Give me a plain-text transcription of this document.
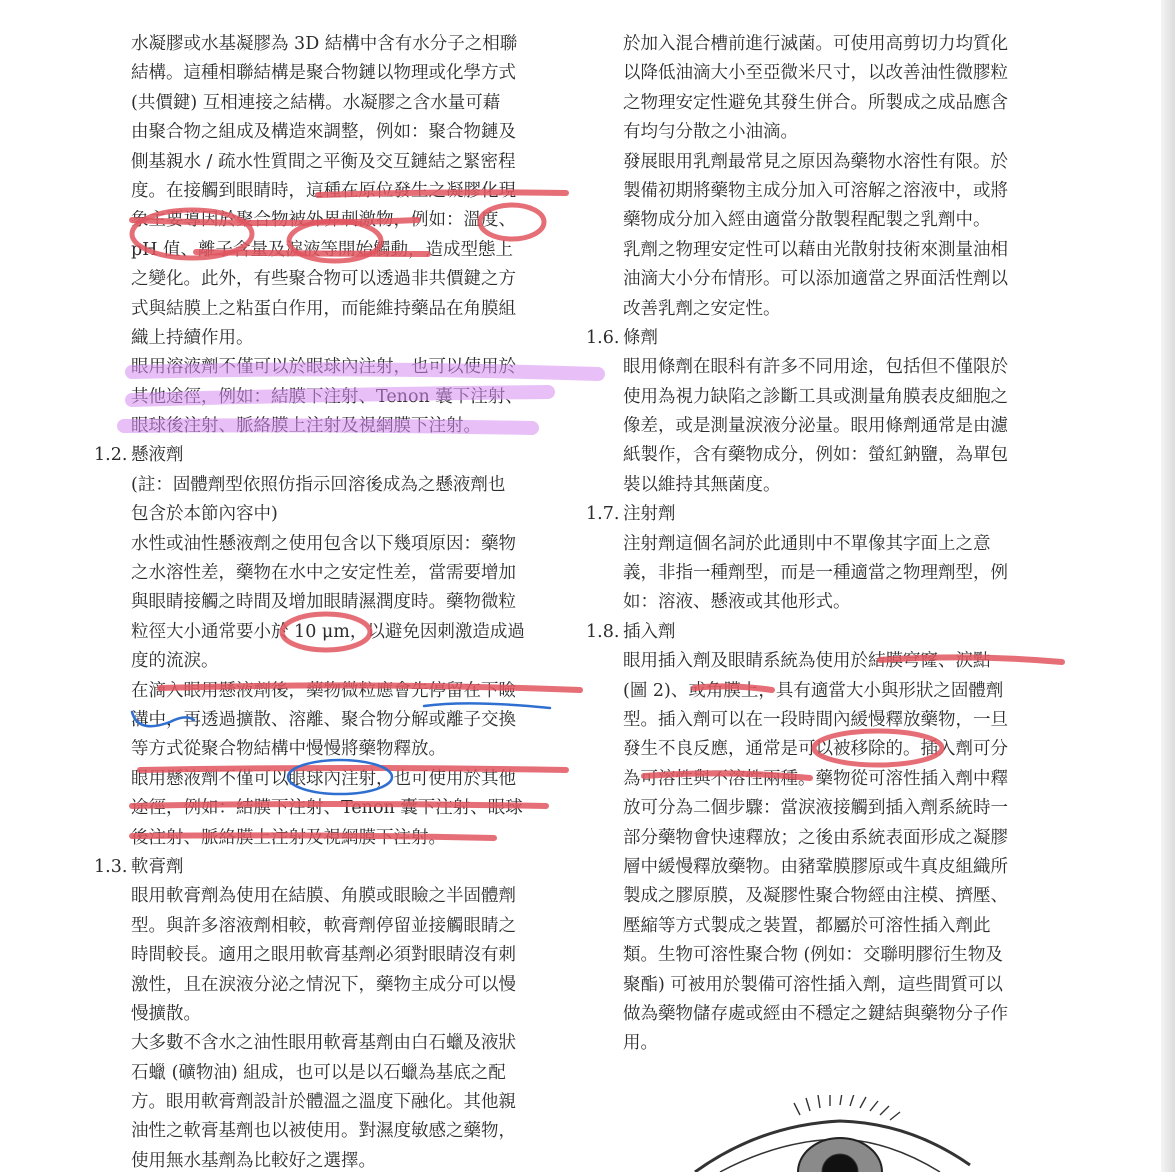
水凝膠或水基凝膠為 3D 結構中含有水分子之相聯
結構。這種相聯結構是聚合物鏈以物理或化學方式
(共價鍵) 互相連接之結構。水凝膠之含水量可藉
由聚合物之組成及構造來調整，例如：聚合物鏈及
側基親水 / 疏水性質間之平衡及交互鏈結之緊密程
度。在接觸到眼睛時，這種在原位發生之凝膠化現
象主要導因於聚合物被外界刺激物，例如：溫度、
pH 值、離子含量及淚液等開始觸動，造成型態上
之變化。此外，有些聚合物可以透過非共價鍵之方
式與結膜上之粘蛋白作用，而能維持藥品在角膜組
織上持續作用。
眼用溶液劑不僅可以於眼球內注射，也可以使用於
其他途徑，例如：結膜下注射、Tenon 囊下注射、
眼球後注射、脈絡膜上注射及視網膜下注射。
1.2. 懸液劑
(註：固體劑型依照仿指示回溶後成為之懸液劑也
包含於本節內容中)
水性或油性懸液劑之使用包含以下幾項原因：藥物
之水溶性差，藥物在水中之安定性差，當需要增加
與眼睛接觸之時間及增加眼睛濕潤度時。藥物微粒
粒徑大小通常要小於 10 μm，以避免因刺激造成過
度的流淚。
在滴入眼用懸液劑後，藥物微粒應會先停留在下瞼
溝中，再透過擴散、溶離、聚合物分解或離子交換
等方式從聚合物結構中慢慢將藥物釋放。
眼用懸液劑不僅可以眼球內注射，也可使用於其他
途徑，例如：結膜下注射、Tenon 囊下注射、眼球
後注射、脈絡膜上注射及視網膜下注射。
1.3. 軟膏劑
眼用軟膏劑為使用在結膜、角膜或眼瞼之半固體劑
型。與許多溶液劑相較，軟膏劑停留並接觸眼睛之
時間較長。適用之眼用軟膏基劑必須對眼睛沒有刺
激性，且在淚液分泌之情況下，藥物主成分可以慢
慢擴散。
大多數不含水之油性眼用軟膏基劑由白石蠟及液狀
石蠟 (礦物油) 組成，也可以是以石蠟為基底之配
方。眼用軟膏劑設計於體溫之溫度下融化。其他親
油性之軟膏基劑也以被使用。對濕度敏感之藥物，
使用無水基劑為比較好之選擇。
於加入混合槽前進行滅菌。可使用高剪切力均質化
以降低油滴大小至亞微米尺寸，以改善油性微膠粒
之物理安定性避免其發生併合。所製成之成品應含
有均勻分散之小油滴。
發展眼用乳劑最常見之原因為藥物水溶性有限。於
製備初期將藥物主成分加入可溶解之溶液中，或將
藥物成分加入經由適當分散製程配製之乳劑中。
乳劑之物理安定性可以藉由光散射技術來測量油相
油滴大小分布情形。可以添加適當之界面活性劑以
改善乳劑之安定性。
1.6. 條劑
眼用條劑在眼科有許多不同用途，包括但不僅限於
使用為視力缺陷之診斷工具或測量角膜表皮細胞之
像差，或是測量淚液分泌量。眼用條劑通常是由濾
紙製作，含有藥物成分，例如：螢紅鈉鹽，為單包
裝以維持其無菌度。
1.7. 注射劑
注射劑這個名詞於此通則中不單像其字面上之意
義，非指一種劑型，而是一種適當之物理劑型，例
如：溶液、懸液或其他形式。
1.8. 插入劑
眼用插入劑及眼睛系統為使用於結膜穹窿、淚點
(圖 2)、或角膜上，具有適當大小與形狀之固體劑
型。插入劑可以在一段時間內緩慢釋放藥物，一旦
發生不良反應，通常是可以被移除的。插入劑可分
為可溶性與不溶性兩種。藥物從可溶性插入劑中釋
放可分為二個步驟：當淚液接觸到插入劑系統時一
部分藥物會快速釋放；之後由系統表面形成之凝膠
層中緩慢釋放藥物。由豬鞏膜膠原或牛真皮組織所
製成之膠原膜，及凝膠性聚合物經由注模、擠壓、
壓縮等方式製成之裝置，都屬於可溶性插入劑此
類。生物可溶性聚合物 (例如：交聯明膠衍生物及
聚酯) 可被用於製備可溶性插入劑，這些間質可以
做為藥物儲存處或經由不穩定之鍵結與藥物分子作
用。
